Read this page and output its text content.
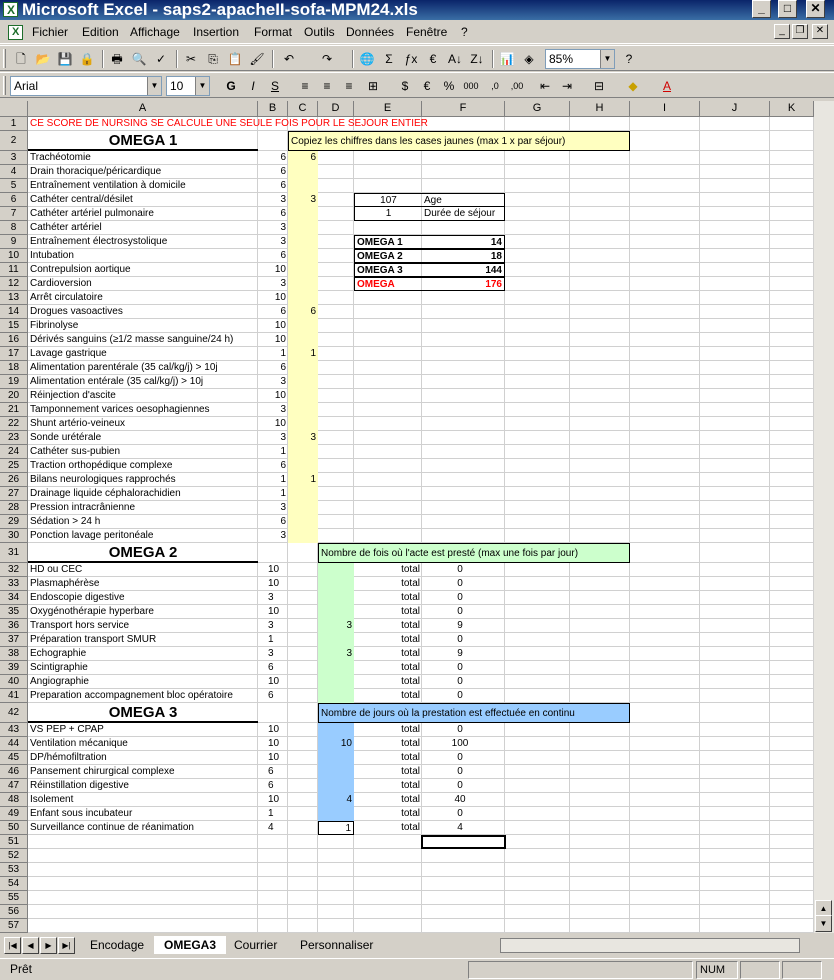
X
Microsoft Excel - saps2-apacheII-sofa-MPM24.xls	_	□	✕
X
Fichier Edition Affichage Insertion Format Outils Données Fenêtre ?	_	❐	✕
🗋 📂 💾 🔒 🖶 🔍 ✓	✂	⎘ 📋 🖌	↶	↷	🌐 Σ ƒx	€ A↓ Z↓ 📊 ◈	85%	▼	?
Arial	▼ 10	▼	G	I	S	≡	≡	≡	⊞	$	€	%	000	,0	,00	⇤ ⇥	⊟	◆	A
A	B	C	D	E	F	G	H	I	J	K
1
2
3
4
5
6
7
8
9
10
11
12
13
14
15
16
17
18
19
20
21
22
23
24
25
26
27
28
29
30
31
32
33
34
35
36
37
38
39
40
41
42
43
44
45
46
47
48
49
50
51
52
53
54
55
56
57
CE SCORE DE NURSING SE CALCULE UNE SEULE FOIS POUR LE SEJOUR ENTIER
OMEGA 1	Copiez les chiffres dans les cases jaunes (max 1 x par séjour)
Trachéotomie	6	6
Drain thoracique/péricardique	6
Entraînement ventilation à domicile	6
Cathéter central/désilet	3	3
Cathéter artériel pulmonaire	6
Cathéter artériel	3
Entraînement électrosystolique	3
Intubation	6
Contrepulsion aortique	10
Cardioversion	3
Arrêt circulatoire	10
Drogues vasoactives	6	6
Fibrinolyse	10
Dérivés sanguins (≥1/2 masse sanguine/24 h)	10
Lavage gastrique	1	1
Alimentation parentérale (35 cal/kg/j) > 10j	6
Alimentation entérale (35 cal/kg/j) > 10j	3
Réinjection d'ascite	10
Tamponnement varices oesophagiennes	3
Shunt artério-veineux	10
Sonde urétérale	3	3
Cathéter sus-pubien	1
Traction orthopédique complexe	6
Bilans neurologiques rapprochés	1	1
Drainage liquide céphalorachidien	1
Pression intracrânienne	3
Sédation > 24 h	6
Ponction lavage peritonéale	3
107	Age
1	Durée de séjour
OMEGA 1	14
OMEGA 2	18
OMEGA 3	144
OMEGA	176
OMEGA 2	Nombre de fois où l'acte est presté (max une fois par jour)
HD ou CEC	10	total	0
Plasmaphérèse	10	total	0
Endoscopie digestive	3	total	0
Oxygénothérapie hyperbare	10	total	0
Transport hors service	3	3	total	9
Préparation transport SMUR	1	total	0
Echographie	3	3	total	9
Scintigraphie	6	total	0
Angiographie	10	total	0
Preparation accompagnement bloc opératoire	6	total	0
OMEGA 3	Nombre de jours où la prestation est effectuée en continu
VS PEP + CPAP	10	total	0
Ventilation mécanique	10	10	total	100
DP/hémofiltration	10	total	0
Pansement chirurgical complexe	6	total	0
Réinstillation digestive	6	total	0
Isolement	10	4	total	40
Enfant sous incubateur	1	total	0
Surveillance continue de réanimation	4	1	total	4
▲
▼
|◀	◀	▶	▶|	Encodage	OMEGA3	Courrier	Personnaliser
Prêt	NUM
